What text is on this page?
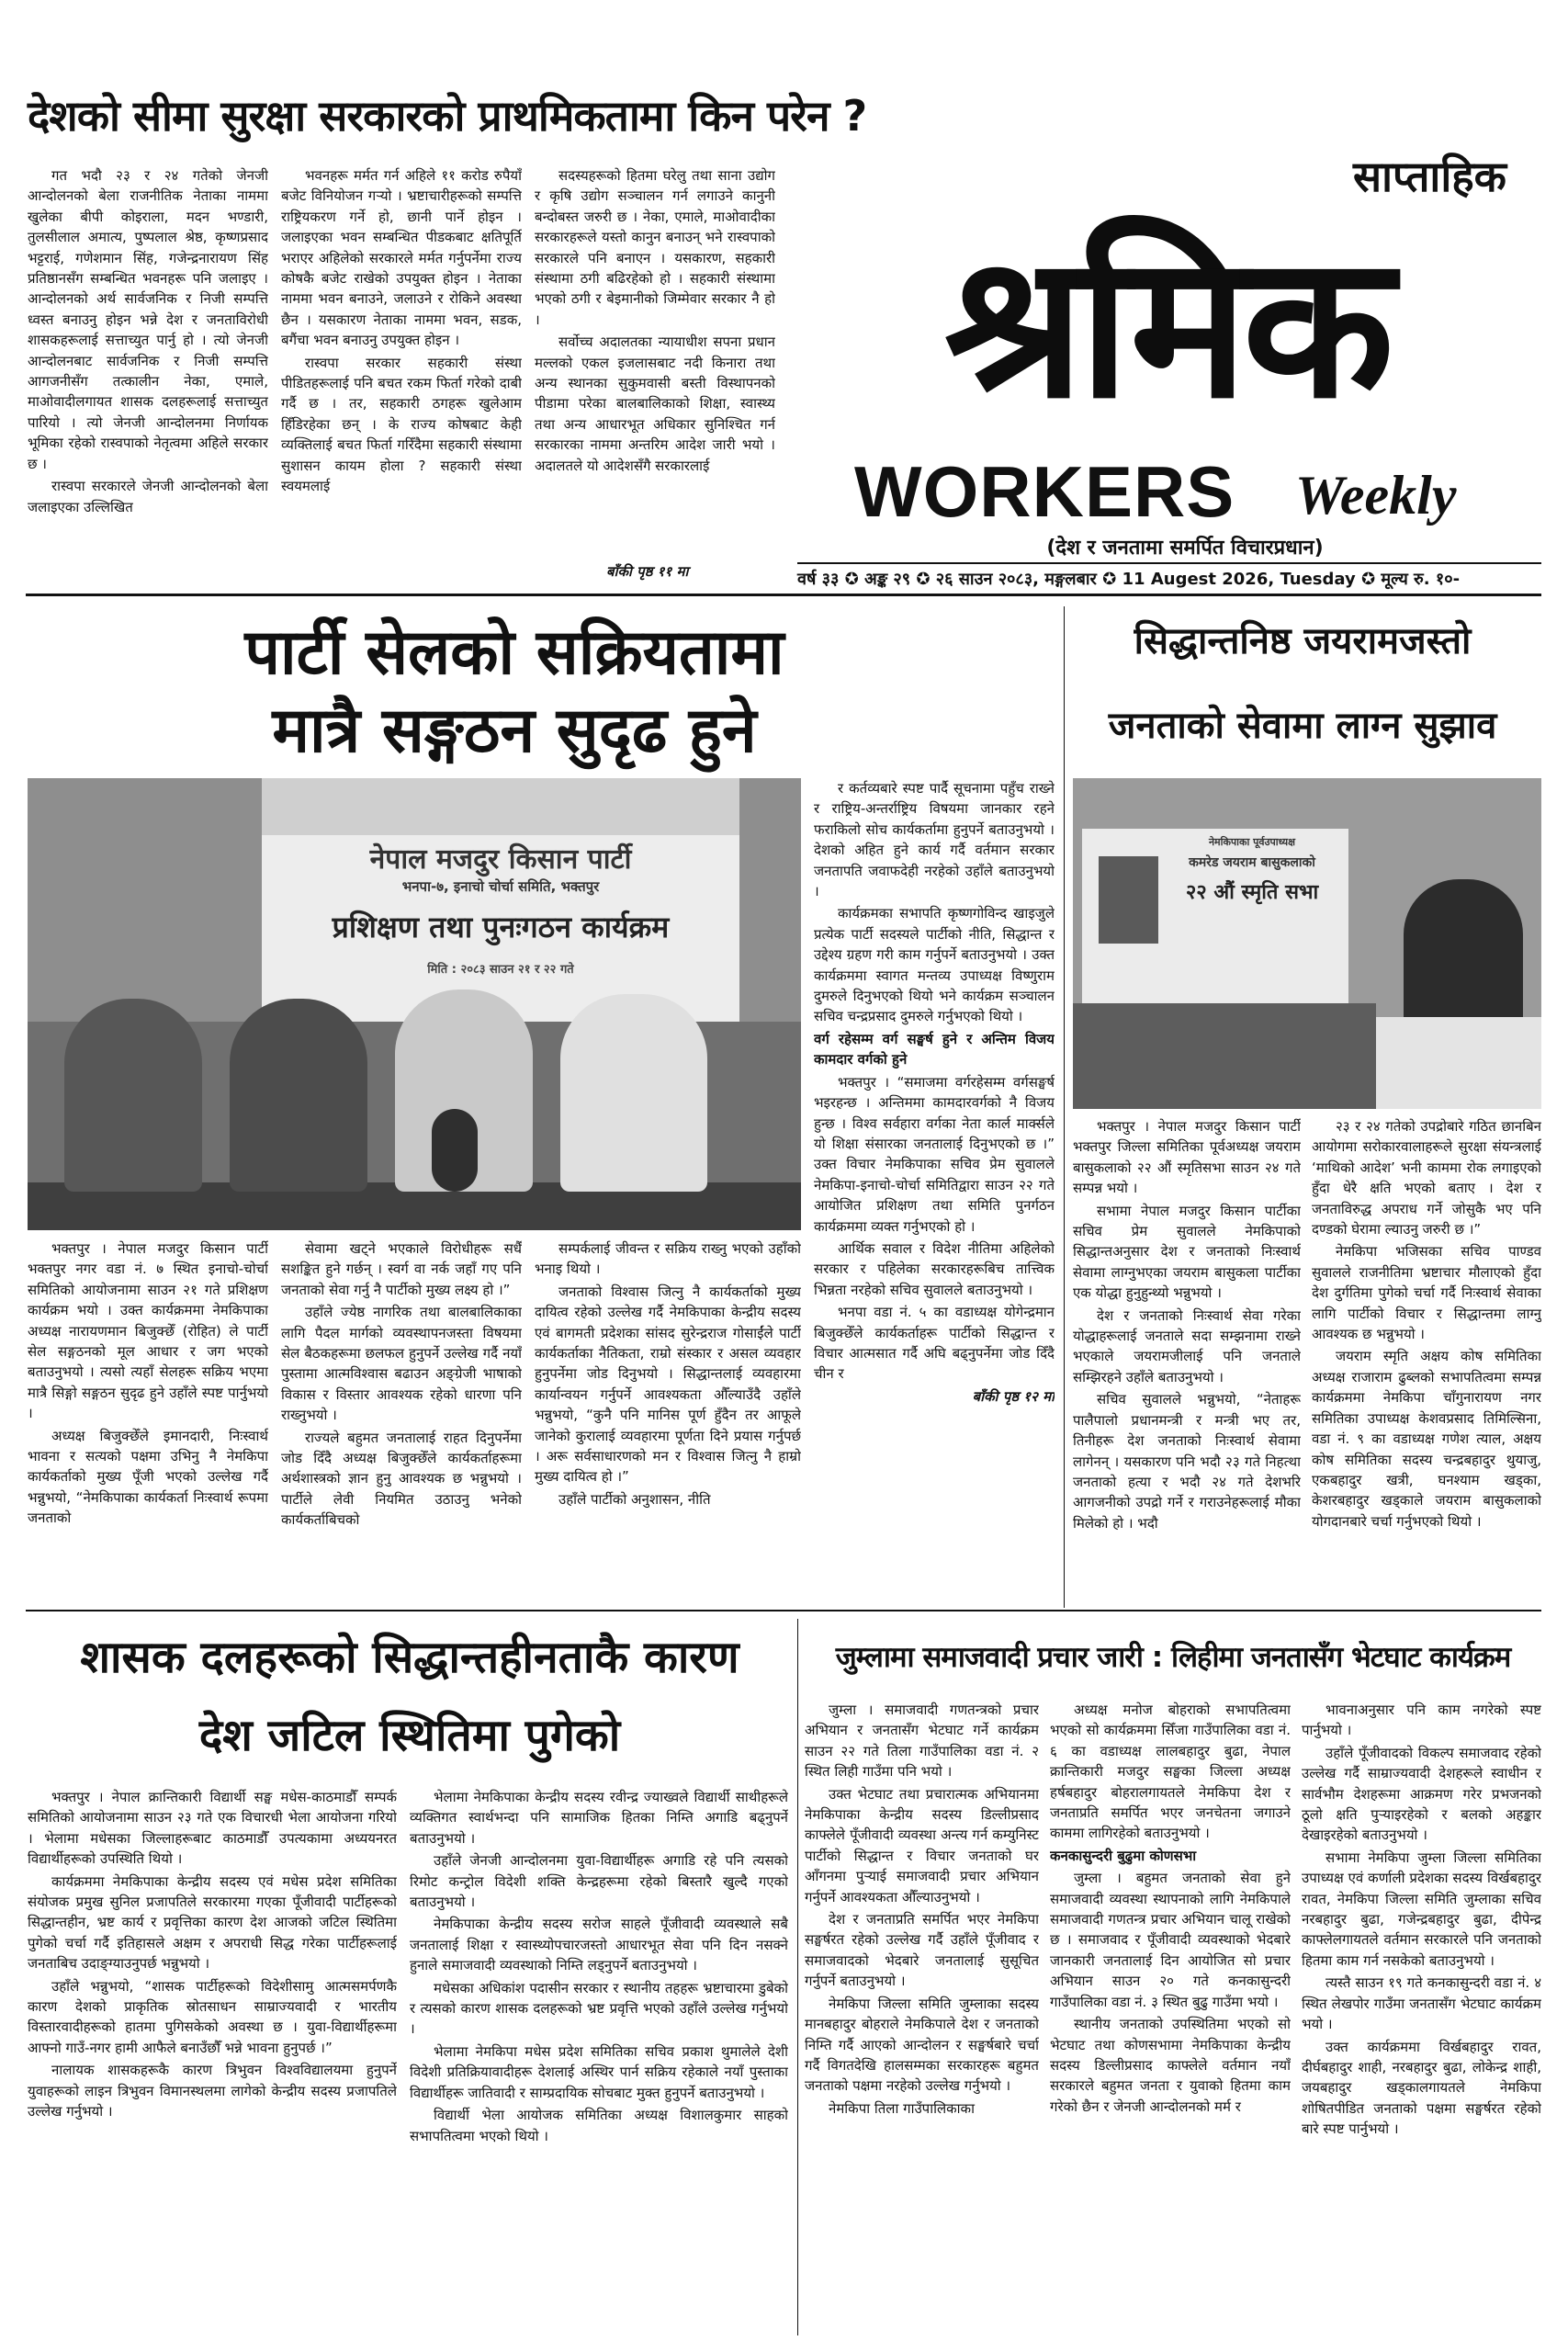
देशको सीमा सुरक्षा सरकारको प्राथमिकतामा किन परेन ?

गत भदौ २३ र २४ गतेको जेनजी आन्दोलनको बेला राजनीतिक नेताका नाममा खुलेका बीपी कोइराला, मदन भण्डारी, तुलसीलाल अमात्य, पुष्पलाल श्रेष्ठ, कृष्णप्रसाद भट्टराई, गणेशमान सिंह, गजेन्द्रनारायण सिंह प्रतिष्ठानसँग सम्बन्धित भवनहरू पनि जलाइए । आन्दोलनको अर्थ सार्वजनिक र निजी सम्पत्ति ध्वस्त बनाउनु होइन भन्ने देश र जनताविरोधी शासकहरूलाई सत्ताच्युत पार्नु हो । त्यो जेनजी आन्दोलनबाट सार्वजनिक र निजी सम्पत्ति आगजनीसँग तत्कालीन नेका, एमाले, माओवादीलगायत शासक दलहरूलाई सत्ताच्युत पारियो । त्यो जेनजी आन्दोलनमा निर्णायक भूमिका रहेको रास्वपाको नेतृत्वमा अहिले सरकार छ ।

रास्वपा सरकारले जेनजी आन्दोलनको बेला जलाइएका उल्लिखित

भवनहरू मर्मत गर्न अहिले ११ करोड रुपैयाँ बजेट विनियोजन गऱ्यो । भ्रष्टाचारीहरूको सम्पत्ति राष्ट्रियकरण गर्ने हो, छानी पार्ने होइन । जलाइएका भवन सम्बन्धित पीडकबाट क्षतिपूर्ति भराएर अहिलेको सरकारले मर्मत गर्नुपर्नेमा राज्य कोषकै बजेट राखेको उपयुक्त होइन । नेताका नाममा भवन बनाउने, जलाउने र रोकिने अवस्था छैन । यसकारण नेताका नाममा भवन, सडक, बगैंचा भवन बनाउनु उपयुक्त होइन ।

रास्वपा सरकार सहकारी संस्था पीडितहरूलाई पनि बचत रकम फिर्ता गरेको दाबी गर्दै छ । तर, सहकारी ठगहरू खुलेआम हिँडिरहेका छन् । के राज्य कोषबाट केही व्यक्तिलाई बचत फिर्ता गरिँदैमा सहकारी संस्थामा सुशासन कायम होला ? सहकारी संस्था स्वयमलाई

सदस्यहरूको हितमा घरेलु तथा साना उद्योग र कृषि उद्योग सञ्चालन गर्न लगाउने कानुनी बन्दोबस्त जरुरी छ । नेका, एमाले, माओवादीका सरकारहरूले यस्तो कानुन बनाउन् भने रास्वपाको सरकारले पनि बनाएन । यसकारण, सहकारी संस्थामा ठगी बढिरहेको हो । सहकारी संस्थामा भएको ठगी र बेइमानीको जिम्मेवार सरकार नै हो ।

सर्वोच्च अदालतका न्यायाधीश सपना प्रधान मल्लको एकल इजलासबाट नदी किनारा तथा अन्य स्थानका सुकुमवासी बस्ती विस्थापनको पीडामा परेका बालबालिकाको शिक्षा, स्वास्थ्य तथा अन्य आधारभूत अधिकार सुनिश्चित गर्न सरकारका नाममा अन्तरिम आदेश जारी भयो । अदालतले यो आदेशसँगै सरकारलाई

बाँकी पृष्ठ ११ मा
साप्ताहिक
श्रमिक
WORKERS Weekly
(देश र जनतामा समर्पित विचारप्रधान)
वर्ष ३३ ✪ अङ्क २९ ✪ २६ साउन २०८३, मङ्गलबार ✪ 11 Augest 2026, Tuesday ✪ मूल्य रु. १०-
पार्टी सेलको सक्रियतामा
मात्रै सङ्गठन सुदृढ हुने
नेपाल मजदुर किसान पार्टी
भनपा-७, इनाचो चोर्चा समिति, भक्तपुर
प्रशिक्षण तथा पुनःगठन कार्यक्रम
मिति : २०८३ साउन २१ र २२ गते

भक्तपुर । नेपाल मजदुर किसान पार्टी भक्तपुर नगर वडा नं. ७ स्थित इनाचो-चोर्चा समितिको आयोजनामा साउन २१ गते प्रशिक्षण कार्यक्रम भयो । उक्त कार्यक्रममा नेमकिपाका अध्यक्ष नारायणमान बिजुक्छेँ (रोहित) ले पार्टी सेल सङ्गठनको मूल आधार र जग भएको बताउनुभयो । त्यसो त्यहाँ सेलहरू सक्रिय भएमा मात्रै सिङ्गो सङ्गठन सुदृढ हुने उहाँले स्पष्ट पार्नुभयो ।

अध्यक्ष बिजुक्छेँले इमानदारी, निःस्वार्थ भावना र सत्यको पक्षमा उभिनु नै नेमकिपा कार्यकर्ताको मुख्य पूँजी भएको उल्लेख गर्दै भन्नुभयो, “नेमकिपाका कार्यकर्ता निःस्वार्थ रूपमा जनताको

सेवामा खट्ने भएकाले विरोधीहरू सधैँ सशङ्कित हुने गर्छन् । स्वर्ग वा नर्क जहाँ गए पनि जनताको सेवा गर्नु नै पार्टीको मुख्य लक्ष्य हो ।”

उहाँले ज्येष्ठ नागरिक तथा बालबालिकाका लागि पैदल मार्गको व्यवस्थापनजस्ता विषयमा सेल बैठकहरूमा छलफल हुनुपर्ने उल्लेख गर्दै नयाँ पुस्तामा आत्मविश्वास बढाउन अङ्ग्रेजी भाषाको विकास र विस्तार आवश्यक रहेको धारणा पनि राख्नुभयो ।

राज्यले बहुमत जनतालाई राहत दिनुपर्नेमा जोड दिँदै अध्यक्ष बिजुक्छेँले कार्यकर्ताहरूमा अर्थशास्त्रको ज्ञान हुनु आवश्यक छ भन्नुभयो । पार्टीले लेवी नियमित उठाउनु भनेको कार्यकर्ताबिचको

सम्पर्कलाई जीवन्त र सक्रिय राख्नु भएको उहाँको भनाइ थियो ।

जनताको विश्वास जित्नु नै कार्यकर्ताको मुख्य दायित्व रहेको उल्लेख गर्दै नेमकिपाका केन्द्रीय सदस्य एवं बागमती प्रदेशका सांसद सुरेन्द्रराज गोसाईंले पार्टी कार्यकर्ताका नैतिकता, राम्रो संस्कार र असल व्यवहार हुनुपर्नेमा जोड दिनुभयो । सिद्धान्तलाई व्यवहारमा कार्यान्वयन गर्नुपर्ने आवश्यकता औँल्याउँदै उहाँले भन्नुभयो, “कुनै पनि मानिस पूर्ण हुँदैन तर आफूले जानेको कुरालाई व्यवहारमा पूर्णता दिने प्रयास गर्नुपर्छ । अरू सर्वसाधारणको मन र विश्वास जित्नु नै हाम्रो मुख्य दायित्व हो ।”

उहाँले पार्टीको अनुशासन, नीति

र कर्तव्यबारे स्पष्ट पार्दै सूचनामा पहुँच राख्ने र राष्ट्रिय-अन्तर्राष्ट्रिय विषयमा जानकार रहने फराकिलो सोच कार्यकर्तामा हुनुपर्ने बताउनुभयो । देशको अहित हुने कार्य गर्दै वर्तमान सरकार जनतापति जवाफदेही नरहेको उहाँले बताउनुभयो ।

कार्यक्रमका सभापति कृष्णगोविन्द खाइजुले प्रत्येक पार्टी सदस्यले पार्टीको नीति, सिद्धान्त र उद्देश्य ग्रहण गरी काम गर्नुपर्ने बताउनुभयो । उक्त कार्यक्रममा स्वागत मन्तव्य उपाध्यक्ष विष्णुराम दुमरुले दिनुभएको थियो भने कार्यक्रम सञ्चालन सचिव चन्द्रप्रसाद दुमरुले गर्नुभएको थियो ।

वर्ग रहेसम्म वर्ग सङ्घर्ष हुने र अन्तिम विजय कामदार वर्गको हुने

भक्तपुर । “समाजमा वर्गरहेसम्म वर्गसङ्घर्ष भइरहन्छ । अन्तिममा कामदारवर्गको नै विजय हुन्छ । विश्व सर्वहारा वर्गका नेता कार्ल मार्क्सले यो शिक्षा संसारका जनतालाई दिनुभएको छ ।” उक्त विचार नेमकिपाका सचिव प्रेम सुवालले नेमकिपा-इनाचो-चोर्चा समितिद्वारा साउन २२ गते आयोजित प्रशिक्षण तथा समिति पुनर्गठन कार्यक्रममा व्यक्त गर्नुभएको हो ।

आर्थिक सवाल र विदेश नीतिमा अहिलेको सरकार र पहिलेका सरकारहरूबिच तात्त्विक भिन्नता नरहेको सचिव सुवालले बताउनुभयो ।

भनपा वडा नं. ५ का वडाध्यक्ष योगेन्द्रमान बिजुक्छेँले कार्यकर्ताहरू पार्टीको सिद्धान्त र विचार आत्मसात गर्दै अघि बढ्नुपर्नेमा जोड दिँदै चीन र

बाँकी पृष्ठ १२ मा

सिद्धान्तनिष्ठ जयरामजस्तो
जनताको सेवामा लाग्न सुझाव
नेमकिपाका पूर्वउपाध्यक्ष
कमरेड जयराम बासुकलाको
२२ औं स्मृति सभा

भक्तपुर । नेपाल मजदुर किसान पार्टी भक्तपुर जिल्ला समितिका पूर्वअध्यक्ष जयराम बासुकलाको २२ औं स्मृतिसभा साउन २४ गते सम्पन्न भयो ।

सभामा नेपाल मजदुर किसान पार्टीका सचिव प्रेम सुवालले नेमकिपाको सिद्धान्तअनुसार देश र जनताको निःस्वार्थ सेवामा लाग्नुभएका जयराम बासुकला पार्टीका एक योद्धा हुनुहुन्थ्यो भन्नुभयो ।

देश र जनताको निःस्वार्थ सेवा गरेका योद्धाहरूलाई जनताले सदा सम्झनामा राख्ने भएकाले जयरामजीलाई पनि जनताले सम्झिरहने उहाँले बताउनुभयो ।

सचिव सुवालले भन्नुभयो, “नेताहरू पालैपालो प्रधानमन्त्री र मन्त्री भए तर, तिनीहरू देश जनताको निःस्वार्थ सेवामा लागेनन् । यसकारण पनि भदौ २३ गते निहत्था जनताको हत्या र भदौ २४ गते देशभरि आगजनीको उपद्रो गर्ने र गराउनेहरूलाई मौका मिलेको हो । भदौ

२३ र २४ गतेको उपद्रोबारे गठित छानबिन आयोगमा सरोकारवालाहरूले सुरक्षा संयन्त्रलाई ‘माथिको आदेश’ भनी काममा रोक लगाइएको हुँदा धेरै क्षति भएको बताए । देश र जनताविरुद्ध अपराध गर्ने जोसुकै भए पनि दण्डको घेरामा ल्याउनु जरुरी छ ।”

नेमकिपा भजिसका सचिव पाण्डव सुवालले राजनीतिमा भ्रष्टाचार मौलाएको हुँदा देश दुर्गतिमा पुगेको चर्चा गर्दै निःस्वार्थ सेवाका लागि पार्टीको विचार र सिद्धान्तमा लाग्नु आवश्यक छ भन्नुभयो ।

जयराम स्मृति अक्षय कोष समितिका अध्यक्ष राजाराम ढुब्लको सभापतित्वमा सम्पन्न कार्यक्रममा नेमकिपा चाँगुनारायण नगर समितिका उपाध्यक्ष केशवप्रसाद तिमिल्सिना, वडा नं. ९ का वडाध्यक्ष गणेश त्याल, अक्षय कोष समितिका सदस्य चन्द्रबहादुर थुयाजु, एकबहादुर खत्री, घनश्याम खड्का, केशरबहादुर खड्काले जयराम बासुकलाको योगदानबारे चर्चा गर्नुभएको थियो ।

शासक दलहरूको सिद्धान्तहीनताकै कारण
देश जटिल स्थितिमा पुगेको

भक्तपुर । नेपाल क्रान्तिकारी विद्यार्थी सङ्घ मधेस-काठमाडौँ सम्पर्क समितिको आयोजनामा साउन २३ गते एक विचारधी भेला आयोजना गरियो । भेलामा मधेसका जिल्लाहरूबाट काठमाडौँ उपत्यकामा अध्ययनरत विद्यार्थीहरूको उपस्थिति थियो ।

कार्यक्रममा नेमकिपाका केन्द्रीय सदस्य एवं मधेस प्रदेश समितिका संयोजक प्रमुख सुनिल प्रजापतिले सरकारमा गएका पूँजीवादी पार्टीहरूको सिद्धान्तहीन, भ्रष्ट कार्य र प्रवृत्तिका कारण देश आजको जटिल स्थितिमा पुगेको चर्चा गर्दै इतिहासले अक्षम र अपराधी सिद्ध गरेका पार्टीहरूलाई जनताबिच उदाङ्ग्याउनुपर्छ भन्नुभयो ।

उहाँले भन्नुभयो, “शासक पार्टीहरूको विदेशीसामु आत्मसमर्पणकै कारण देशको प्राकृतिक स्रोतसाधन साम्राज्यवादी र भारतीय विस्तारवादीहरूको हातमा पुगिसकेको अवस्था छ । युवा-विद्यार्थीहरूमा आफ्नो गाउँ-नगर हामी आफैले बनाउँछौँ भन्ने भावना हुनुपर्छ ।”

नालायक शासकहरूकै कारण त्रिभुवन विश्वविद्यालयमा हुनुपर्ने युवाहरूको लाइन त्रिभुवन विमानस्थलमा लागेको केन्द्रीय सदस्य प्रजापतिले उल्लेख गर्नुभयो ।

भेलामा नेमकिपाका केन्द्रीय सदस्य रवीन्द्र ज्याख्वले विद्यार्थी साथीहरूले व्यक्तिगत स्वार्थभन्दा पनि सामाजिक हितका निम्ति अगाडि बढ्नुपर्ने बताउनुभयो ।

उहाँले जेनजी आन्दोलनमा युवा-विद्यार्थीहरू अगाडि रहे पनि त्यसको रिमोट कन्ट्रोल विदेशी शक्ति केन्द्रहरूमा रहेको बिस्तारै खुल्दै गएको बताउनुभयो ।

नेमकिपाका केन्द्रीय सदस्य सरोज साहले पूँजीवादी व्यवस्थाले सबै जनतालाई शिक्षा र स्वास्थ्योपचारजस्तो आधारभूत सेवा पनि दिन नसक्ने हुनाले समाजवादी व्यवस्थाको निम्ति लड्नुपर्ने बताउनुभयो ।

मधेसका अधिकांश पदासीन सरकार र स्थानीय तहहरू भ्रष्टाचारमा डुबेको र त्यसको कारण शासक दलहरूको भ्रष्ट प्रवृत्ति भएको उहाँले उल्लेख गर्नुभयो ।

भेलामा नेमकिपा मधेस प्रदेश समितिका सचिव प्रकाश थुमालेले देशी विदेशी प्रतिक्रियावादीहरू देशलाई अस्थिर पार्न सक्रिय रहेकाले नयाँ पुस्ताका विद्यार्थीहरू जातिवादी र साम्प्रदायिक सोचबाट मुक्त हुनुपर्ने बताउनुभयो ।

विद्यार्थी भेला आयोजक समितिका अध्यक्ष विशालकुमार साहको सभापतित्वमा भएको थियो ।

जुम्लामा समाजवादी प्रचार जारी : लिहीमा जनतासँग भेटघाट कार्यक्रम

जुम्ला । समाजवादी गणतन्त्रको प्रचार अभियान र जनतासँग भेटघाट गर्ने कार्यक्रम साउन २२ गते तिला गाउँपालिका वडा नं. २ स्थित लिही गाउँमा पनि भयो ।

उक्त भेटघाट तथा प्रचारात्मक अभियानमा नेमकिपाका केन्द्रीय सदस्य डिल्लीप्रसाद काफ्लेले पूँजीवादी व्यवस्था अन्त्य गर्न कम्युनिस्ट पार्टीको सिद्धान्त र विचार जनताको घर आँगनमा पुऱ्याई समाजवादी प्रचार अभियान गर्नुपर्ने आवश्यकता औँल्याउनुभयो ।

देश र जनताप्रति समर्पित भएर नेमकिपा सङ्घर्षरत रहेको उल्लेख गर्दै उहाँले पूँजीवाद र समाजवादको भेदबारे जनतालाई सुसूचित गर्नुपर्ने बताउनुभयो ।

नेमकिपा जिल्ला समिति जुम्लाका सदस्य मानबहादुर बोहराले नेमकिपाले देश र जनताको निम्ति गर्दै आएको आन्दोलन र सङ्घर्षबारे चर्चा गर्दै विगतदेखि हालसम्मका सरकारहरू बहुमत जनताको पक्षमा नरहेको उल्लेख गर्नुभयो ।

नेमकिपा तिला गाउँपालिकाका

अध्यक्ष मनोज बोहराको सभापतित्वमा भएको सो कार्यक्रममा सिँजा गाउँपालिका वडा नं. ६ का वडाध्यक्ष लालबहादुर बुढा, नेपाल क्रान्तिकारी मजदुर सङ्घका जिल्ला अध्यक्ष हर्षबहादुर बोहरालगायतले नेमकिपा देश र जनताप्रति समर्पित भएर जनचेतना जगाउने काममा लागिरहेको बताउनुभयो ।

कनकासुन्दरी बुढुमा कोणसभा

जुम्ला । बहुमत जनताको सेवा हुने समाजवादी व्यवस्था स्थापनाको लागि नेमकिपाले समाजवादी गणतन्त्र प्रचार अभियान चालू राखेको छ । समाजवाद र पूँजीवादी व्यवस्थाको भेदबारे जानकारी जनतालाई दिन आयोजित सो प्रचार अभियान साउन २० गते कनकासुन्दरी गाउँपालिका वडा नं. ३ स्थित बुढु गाउँमा भयो ।

स्थानीय जनताको उपस्थितिमा भएको सो भेटघाट तथा कोणसभामा नेमकिपाका केन्द्रीय सदस्य डिल्लीप्रसाद काफ्लेले वर्तमान नयाँ सरकारले बहुमत जनता र युवाको हितमा काम गरेको छैन र जेनजी आन्दोलनको मर्म र

भावनाअनुसार पनि काम नगरेको स्पष्ट पार्नुभयो ।

उहाँले पूँजीवादको विकल्प समाजवाद रहेको उल्लेख गर्दै साम्राज्यवादी देशहरूले स्वाधीन र सार्वभौम देशहरूमा आक्रमण गरेर प्रभजनको ठूलो क्षति पुऱ्याइरहेको र बलको अहङ्कार देखाइरहेको बताउनुभयो ।

सभामा नेमकिपा जुम्ला जिल्ला समितिका उपाध्यक्ष एवं कर्णाली प्रदेशका सदस्य विर्खबहादुर रावत, नेमकिपा जिल्ला समिति जुम्लाका सचिव नरबहादुर बुढा, गजेन्द्रबहादुर बुढा, दीपेन्द्र काफ्लेलगायतले वर्तमान सरकारले पनि जनताको हितमा काम गर्न नसकेको बताउनुभयो ।

त्यस्तै साउन १९ गते कनकासुन्दरी वडा नं. ४ स्थित लेखपोर गाउँमा जनतासँग भेटघाट कार्यक्रम भयो ।

उक्त कार्यक्रममा विर्खबहादुर रावत, दीर्घबहादुर शाही, नरबहादुर बुढा, लोकेन्द्र शाही, जयबहादुर खड्कालगायतले नेमकिपा शोषितपीडित जनताको पक्षमा सङ्घर्षरत रहेको बारे स्पष्ट पार्नुभयो ।
